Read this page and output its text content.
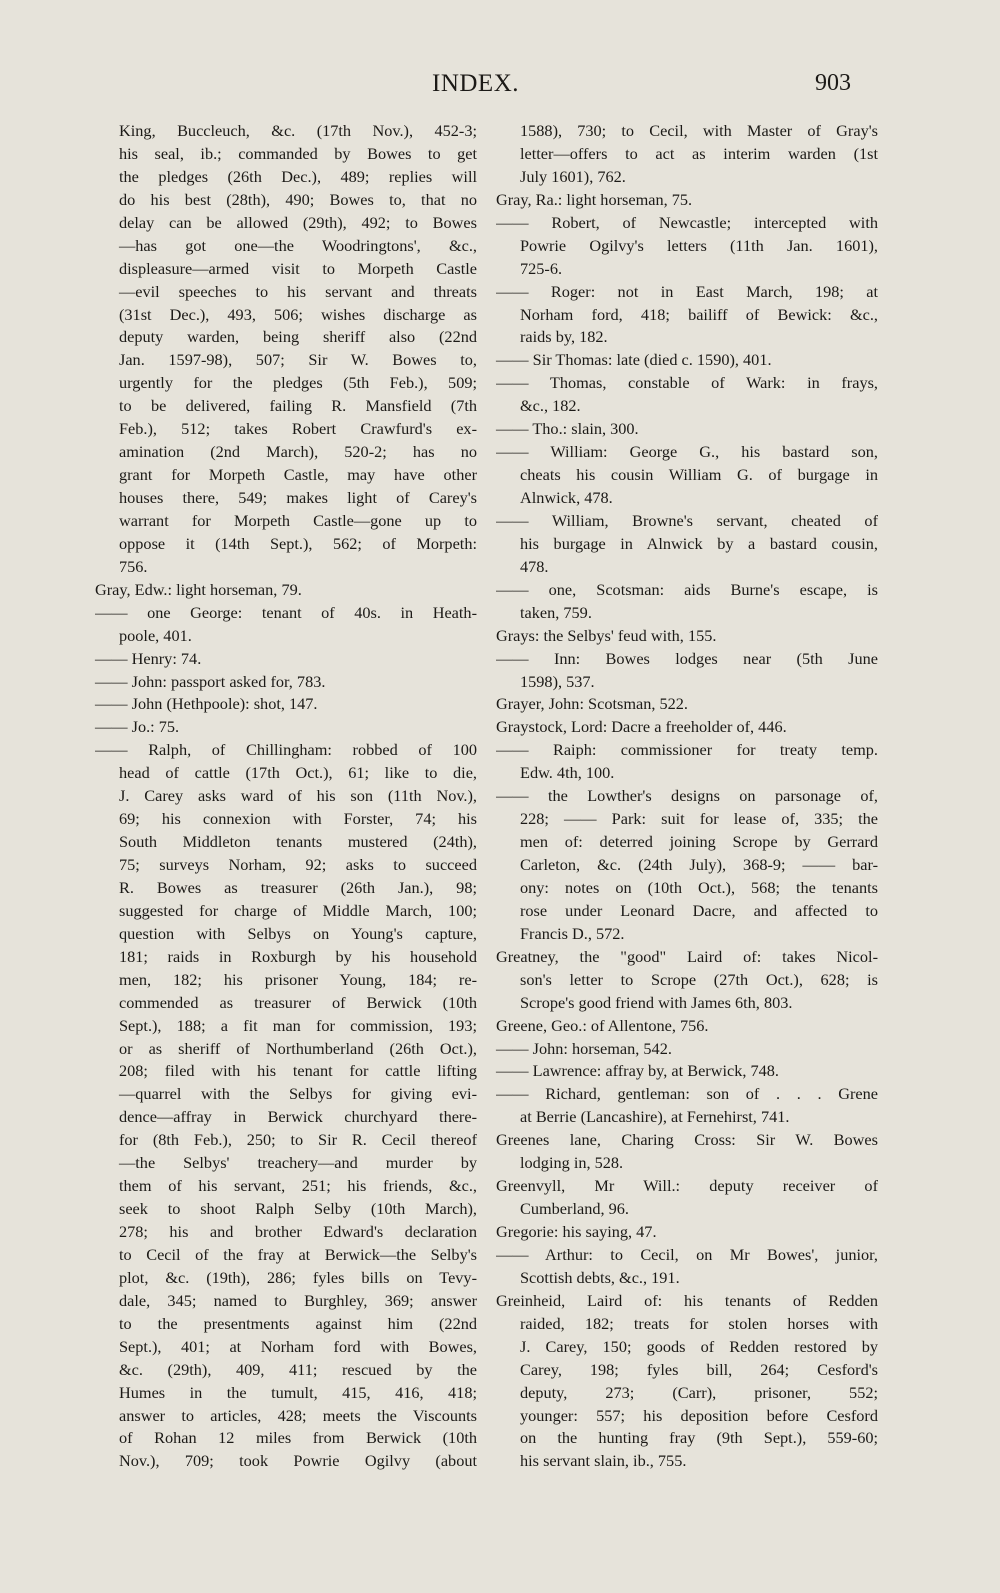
INDEX.	903
King, Buccleuch, &c. (17th Nov.), 452-3;
his seal, ib.; commanded by Bowes to get
the pledges (26th Dec.), 489; replies will
do his best (28th), 490; Bowes to, that no
delay can be allowed (29th), 492; to Bowes
—has got one—the Woodringtons', &c.,
displeasure—armed visit to Morpeth Castle
—evil speeches to his servant and threats
(31st Dec.), 493, 506; wishes discharge as
deputy warden, being sheriff also (22nd
Jan. 1597-98), 507; Sir W. Bowes to,
urgently for the pledges (5th Feb.), 509;
to be delivered, failing R. Mansfield (7th
Feb.), 512; takes Robert Crawfurd's ex-
amination (2nd March), 520-2; has no
grant for Morpeth Castle, may have other
houses there, 549; makes light of Carey's
warrant for Morpeth Castle—gone up to
oppose it (14th Sept.), 562; of Morpeth:
756.
Gray, Edw.: light horseman, 79.
—— one George: tenant of 40s. in Heath-
poole, 401.
—— Henry: 74.
—— John: passport asked for, 783.
—— John (Hethpoole): shot, 147.
—— Jo.: 75.
—— Ralph, of Chillingham: robbed of 100
head of cattle (17th Oct.), 61; like to die,
J. Carey asks ward of his son (11th Nov.),
69; his connexion with Forster, 74; his
South Middleton tenants mustered (24th),
75; surveys Norham, 92; asks to succeed
R. Bowes as treasurer (26th Jan.), 98;
suggested for charge of Middle March, 100;
question with Selbys on Young's capture,
181; raids in Roxburgh by his household
men, 182; his prisoner Young, 184; re-
commended as treasurer of Berwick (10th
Sept.), 188; a fit man for commission, 193;
or as sheriff of Northumberland (26th Oct.),
208; filed with his tenant for cattle lifting
—quarrel with the Selbys for giving evi-
dence—affray in Berwick churchyard there-
for (8th Feb.), 250; to Sir R. Cecil thereof
—the Selbys' treachery—and murder by
them of his servant, 251; his friends, &c.,
seek to shoot Ralph Selby (10th March),
278; his and brother Edward's declaration
to Cecil of the fray at Berwick—the Selby's
plot, &c. (19th), 286; fyles bills on Tevy-
dale, 345; named to Burghley, 369; answer
to the presentments against him (22nd
Sept.), 401; at Norham ford with Bowes,
&c. (29th), 409, 411; rescued by the
Humes in the tumult, 415, 416, 418;
answer to articles, 428; meets the Viscounts
of Rohan 12 miles from Berwick (10th
Nov.), 709; took Powrie Ogilvy (about
1588), 730; to Cecil, with Master of Gray's
letter—offers to act as interim warden (1st
July 1601), 762.
Gray, Ra.: light horseman, 75.
—— Robert, of Newcastle; intercepted with
Powrie Ogilvy's letters (11th Jan. 1601),
725-6.
—— Roger: not in East March, 198; at
Norham ford, 418; bailiff of Bewick: &c.,
raids by, 182.
—— Sir Thomas: late (died c. 1590), 401.
—— Thomas, constable of Wark: in frays,
&c., 182.
—— Tho.: slain, 300.
—— William: George G., his bastard son,
cheats his cousin William G. of burgage in
Alnwick, 478.
—— William, Browne's servant, cheated of
his burgage in Alnwick by a bastard cousin,
478.
—— one, Scotsman: aids Burne's escape, is
taken, 759.
Grays: the Selbys' feud with, 155.
—— Inn: Bowes lodges near (5th June
1598), 537.
Grayer, John: Scotsman, 522.
Graystock, Lord: Dacre a freeholder of, 446.
—— Raiph: commissioner for treaty temp.
Edw. 4th, 100.
—— the Lowther's designs on parsonage of,
228; —— Park: suit for lease of, 335; the
men of: deterred joining Scrope by Gerrard
Carleton, &c. (24th July), 368-9; —— bar-
ony: notes on (10th Oct.), 568; the tenants
rose under Leonard Dacre, and affected to
Francis D., 572.
Greatney, the "good" Laird of: takes Nicol-
son's letter to Scrope (27th Oct.), 628; is
Scrope's good friend with James 6th, 803.
Greene, Geo.: of Allentone, 756.
—— John: horseman, 542.
—— Lawrence: affray by, at Berwick, 748.
—— Richard, gentleman: son of . . . Grene
at Berrie (Lancashire), at Fernehirst, 741.
Greenes lane, Charing Cross: Sir W. Bowes
lodging in, 528.
Greenvyll, Mr Will.: deputy receiver of
Cumberland, 96.
Gregorie: his saying, 47.
—— Arthur: to Cecil, on Mr Bowes', junior,
Scottish debts, &c., 191.
Greinheid, Laird of: his tenants of Redden
raided, 182; treats for stolen horses with
J. Carey, 150; goods of Redden restored by
Carey, 198; fyles bill, 264; Cesford's
deputy, 273; (Carr), prisoner, 552;
younger: 557; his deposition before Cesford
on the hunting fray (9th Sept.), 559-60;
his servant slain, ib., 755.
